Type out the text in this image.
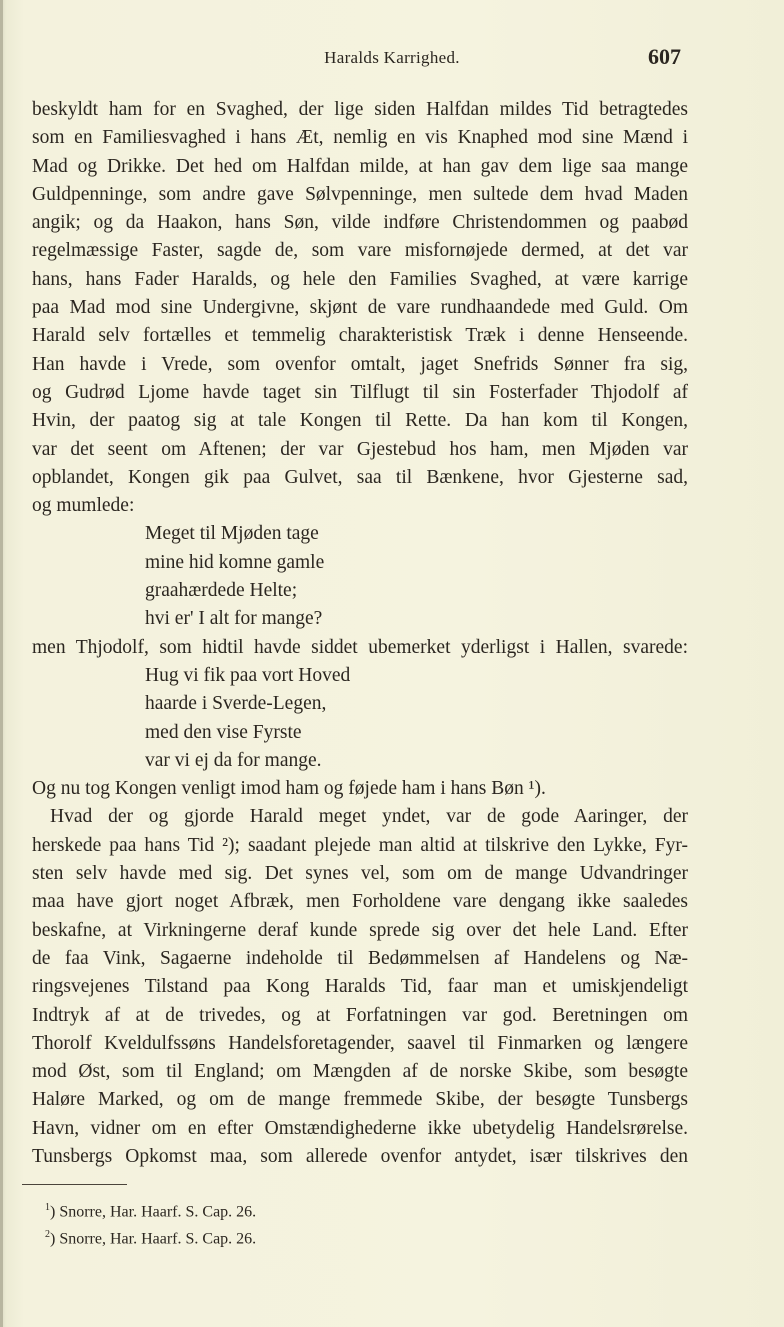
Haralds Karrighed.	607
beskyldt ham for en Svaghed, der lige siden Halfdan mildes Tid betragtedes
som en Familiesvaghed i hans Æt, nemlig en vis Knaphed mod sine Mænd i
Mad og Drikke. Det hed om Halfdan milde, at han gav dem lige saa mange
Guldpenninge, som andre gave Sølvpenninge, men sultede dem hvad Maden
angik; og da Haakon, hans Søn, vilde indføre Christendommen og paabød
regelmæssige Faster, sagde de, som vare misfornøjede dermed, at det var
hans, hans Fader Haralds, og hele den Families Svaghed, at være karrige
paa Mad mod sine Undergivne, skjønt de vare rundhaandede med Guld. Om
Harald selv fortælles et temmelig charakteristisk Træk i denne Henseende.
Han havde i Vrede, som ovenfor omtalt, jaget Snefrids Sønner fra sig,
og Gudrød Ljome havde taget sin Tilflugt til sin Fosterfader Thjodolf af
Hvin, der paatog sig at tale Kongen til Rette. Da han kom til Kongen,
var det seent om Aftenen; der var Gjestebud hos ham, men Mjøden var
opblandet, Kongen gik paa Gulvet, saa til Bænkene, hvor Gjesterne sad,
og mumlede:
Meget til Mjøden tage
mine hid komne gamle
graahærdede Helte;
hvi er' I alt for mange?
men Thjodolf, som hidtil havde siddet ubemerket yderligst i Hallen, svarede:
Hug vi fik paa vort Hoved
haarde i Sverde-Legen,
med den vise Fyrste
var vi ej da for mange.
Og nu tog Kongen venligt imod ham og føjede ham i hans Bøn ¹).
Hvad der og gjorde Harald meget yndet, var de gode Aaringer, der
herskede paa hans Tid ²); saadant plejede man altid at tilskrive den Lykke, Fyr-
sten selv havde med sig. Det synes vel, som om de mange Udvandringer
maa have gjort noget Afbræk, men Forholdene vare dengang ikke saaledes
beskafne, at Virkningerne deraf kunde sprede sig over det hele Land. Efter
de faa Vink, Sagaerne indeholde til Bedømmelsen af Handelens og Næ-
ringsvejenes Tilstand paa Kong Haralds Tid, faar man et umiskjendeligt
Indtryk af at de trivedes, og at Forfatningen var god. Beretningen om
Thorolf Kveldulfssøns Handelsforetagender, saavel til Finmarken og længere
mod Øst, som til England; om Mængden af de norske Skibe, som besøgte
Haløre Marked, og om de mange fremmede Skibe, der besøgte Tunsbergs
Havn, vidner om en efter Omstændighederne ikke ubetydelig Handelsrørelse.
Tunsbergs Opkomst maa, som allerede ovenfor antydet, især tilskrives den
$^1$) Snorre, Har. Haarf. S. Cap. 26.
$^2$) Snorre, Har. Haarf. S. Cap. 26.
